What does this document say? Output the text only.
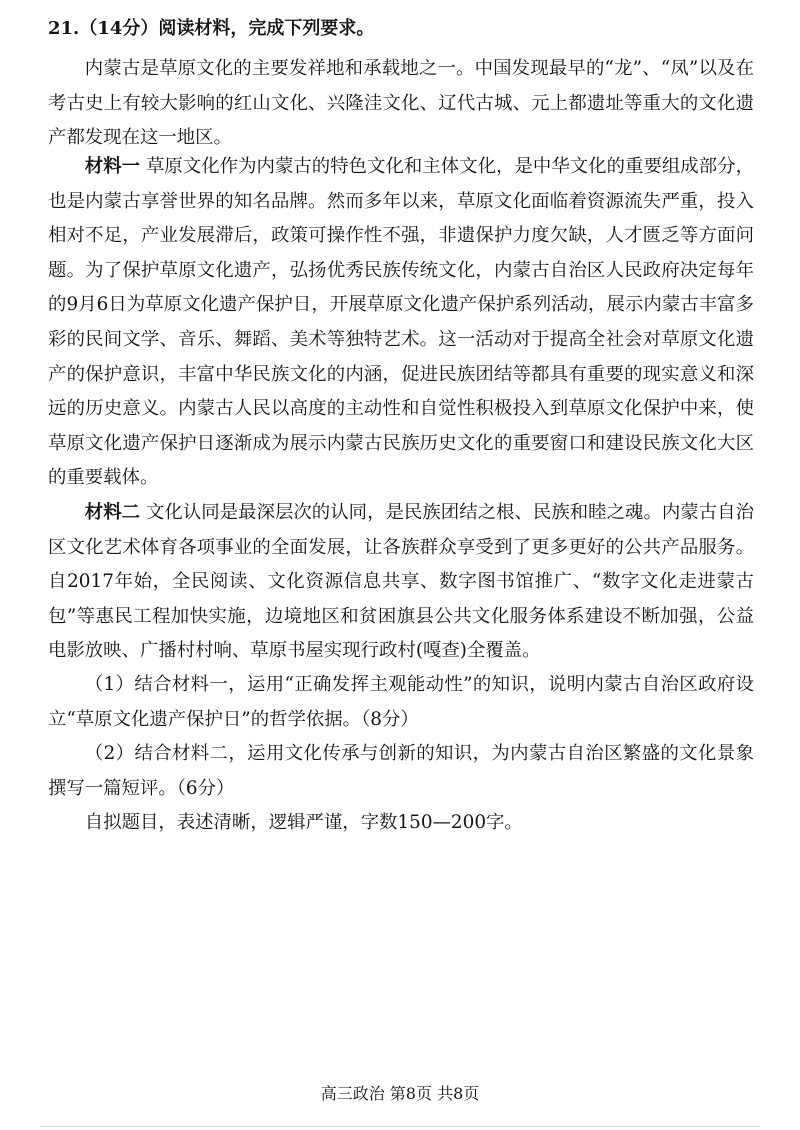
21.（14分）阅读材料，完成下列要求。

内蒙古是草原文化的主要发祥地和承载地之一。中国发现最早的“龙”、“凤”以及在考古史上有较大影响的红山文化、兴隆洼文化、辽代古城、元上都遗址等重大的文化遗产都发现在这一地区。

材料一 草原文化作为内蒙古的特色文化和主体文化，是中华文化的重要组成部分，也是内蒙古享誉世界的知名品牌。然而多年以来，草原文化面临着资源流失严重，投入相对不足，产业发展滞后，政策可操作性不强，非遗保护力度欠缺，人才匮乏等方面问题。为了保护草原文化遗产，弘扬优秀民族传统文化，内蒙古自治区人民政府决定每年的9月6日为草原文化遗产保护日，开展草原文化遗产保护系列活动，展示内蒙古丰富多彩的民间文学、音乐、舞蹈、美术等独特艺术。这一活动对于提高全社会对草原文化遗产的保护意识，丰富中华民族文化的内涵，促进民族团结等都具有重要的现实意义和深远的历史意义。内蒙古人民以高度的主动性和自觉性积极投入到草原文化保护中来，使草原文化遗产保护日逐渐成为展示内蒙古民族历史文化的重要窗口和建设民族文化大区的重要载体。

材料二 文化认同是最深层次的认同，是民族团结之根、民族和睦之魂。内蒙古自治区文化艺术体育各项事业的全面发展，让各族群众享受到了更多更好的公共产品服务。自2017年始，全民阅读、文化资源信息共享、数字图书馆推广、“数字文化走进蒙古包”等惠民工程加快实施，边境地区和贫困旗县公共文化服务体系建设不断加强，公益电影放映、广播村村响、草原书屋实现行政村(嘎查)全覆盖。

（1）结合材料一，运用“正确发挥主观能动性”的知识，说明内蒙古自治区政府设立“草原文化遗产保护日”的哲学依据。（8分）

（2）结合材料二，运用文化传承与创新的知识，为内蒙古自治区繁盛的文化景象撰写一篇短评。（6分）

自拟题目，表述清晰，逻辑严谨，字数150—200字。

高三政治 第8页 共8页
